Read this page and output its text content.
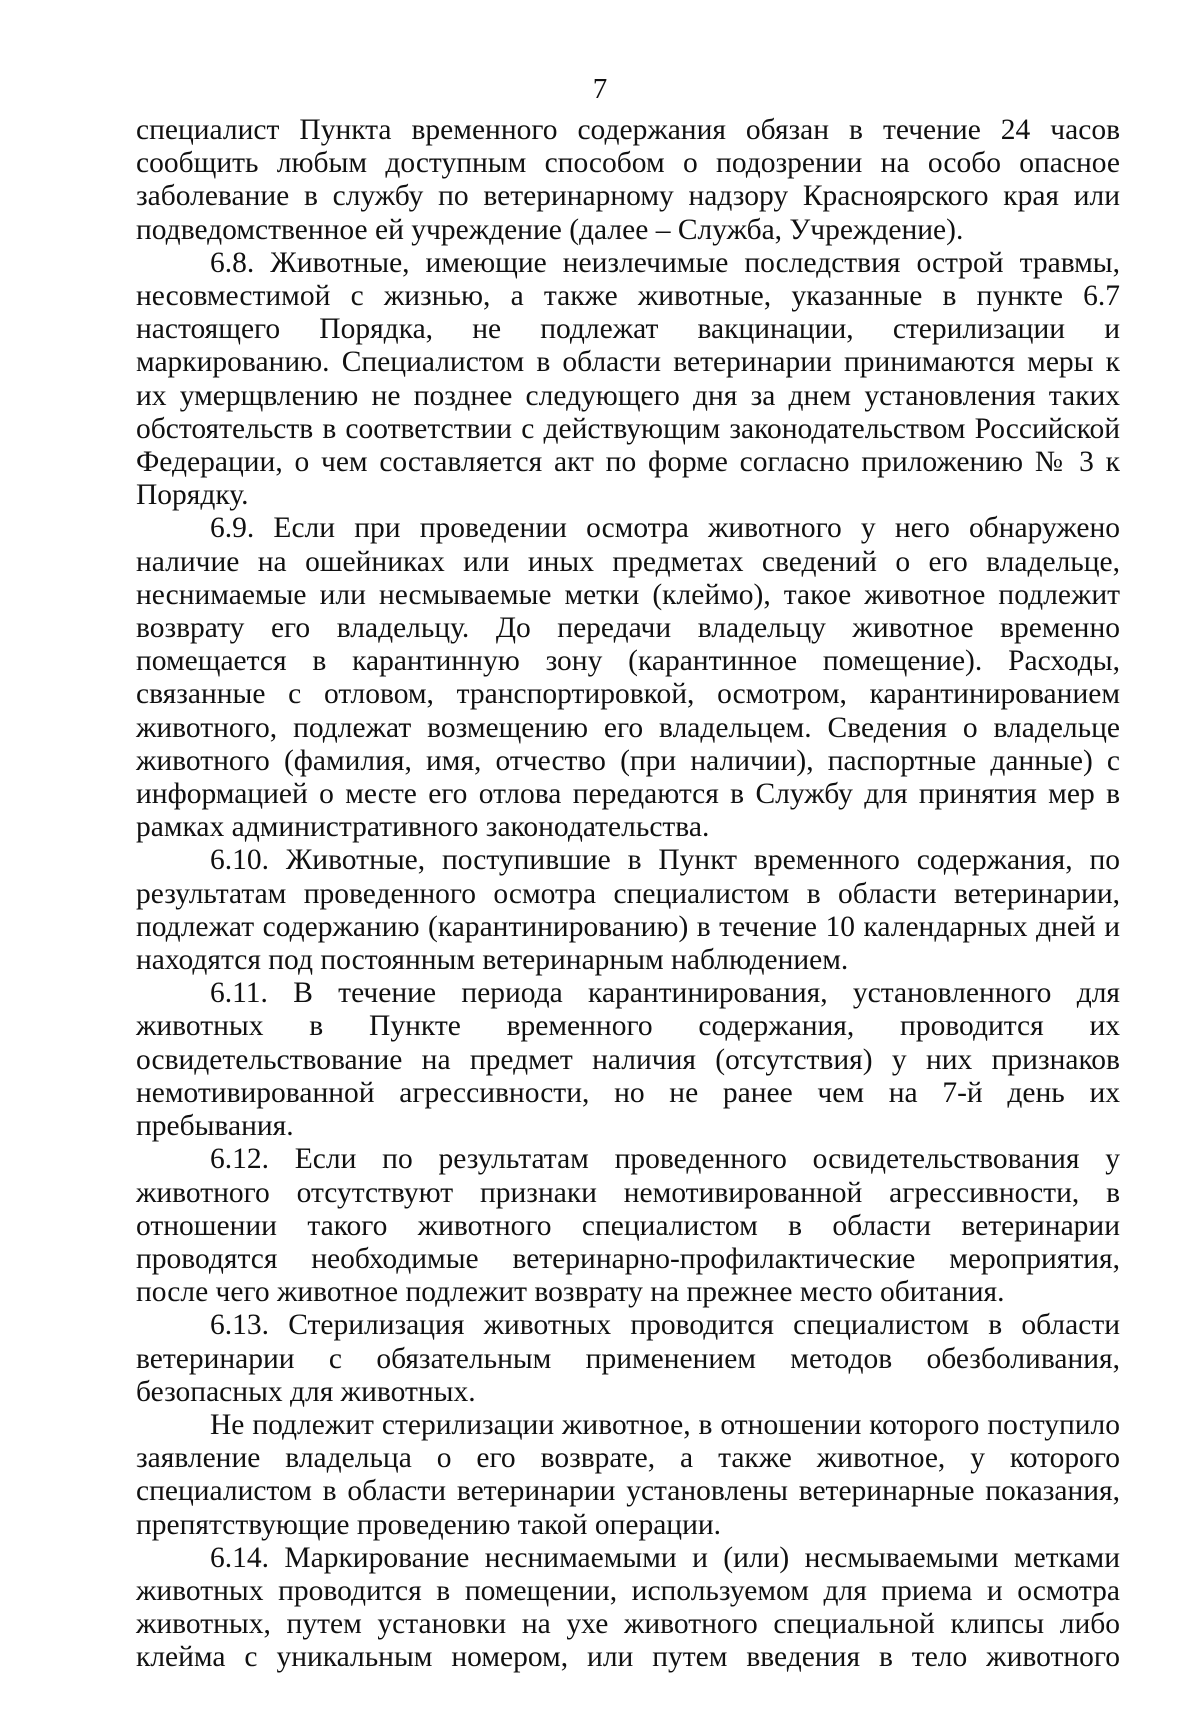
7

специалист Пункта временного содержания обязан в течение 24 часов сообщить любым доступным способом о подозрении на особо опасное заболевание в службу по ветеринарному надзору Красноярского края или подведомственное ей учреждение (далее – Служба, Учреждение).

6.8. Животные, имеющие неизлечимые последствия острой травмы, несовместимой с жизнью, а также животные, указанные в пункте 6.7 настоящего Порядка, не подлежат вакцинации, стерилизации и маркированию. Специалистом в области ветеринарии принимаются меры к их умерщвлению не позднее следующего дня за днем установления таких обстоятельств в соответствии с действующим законодательством Российской Федерации, о чем составляется акт по форме согласно приложению № 3 к Порядку.

6.9. Если при проведении осмотра животного у него обнаружено наличие на ошейниках или иных предметах сведений о его владельце, неснимаемые или несмываемые метки (клеймо), такое животное подлежит возврату его владельцу. До передачи владельцу животное временно помещается в карантинную зону (карантинное помещение). Расходы, связанные с отловом, транспортировкой, осмотром, карантинированием животного, подлежат возмещению его владельцем. Сведения о владельце животного (фамилия, имя, отчество (при наличии), паспортные данные) с информацией о месте его отлова передаются в Службу для принятия мер в рамках административного законодательства.

6.10. Животные, поступившие в Пункт временного содержания, по результатам проведенного осмотра специалистом в области ветеринарии, подлежат содержанию (карантинированию) в течение 10 календарных дней и находятся под постоянным ветеринарным наблюдением.

6.11. В течение периода карантинирования, установленного для животных в Пункте временного содержания, проводится их освидетельствование на предмет наличия (отсутствия) у них признаков немотивированной агрессивности, но не ранее чем на 7-й день их пребывания.

6.12. Если по результатам проведенного освидетельствования у животного отсутствуют признаки немотивированной агрессивности, в отношении такого животного специалистом в области ветеринарии проводятся необходимые ветеринарно-профилактические мероприятия, после чего животное подлежит возврату на прежнее место обитания.

6.13. Стерилизация животных проводится специалистом в области ветеринарии с обязательным применением методов обезболивания, безопасных для животных.

Не подлежит стерилизации животное, в отношении которого поступило заявление владельца о его возврате, а также животное, у которого специалистом в области ветеринарии установлены ветеринарные показания, препятствующие проведению такой операции.

6.14. Маркирование неснимаемыми и (или) несмываемыми метками животных проводится в помещении, используемом для приема и осмотра животных, путем установки на ухе животного специальной клипсы либо клейма с уникальным номером, или путем введения в тело животного
